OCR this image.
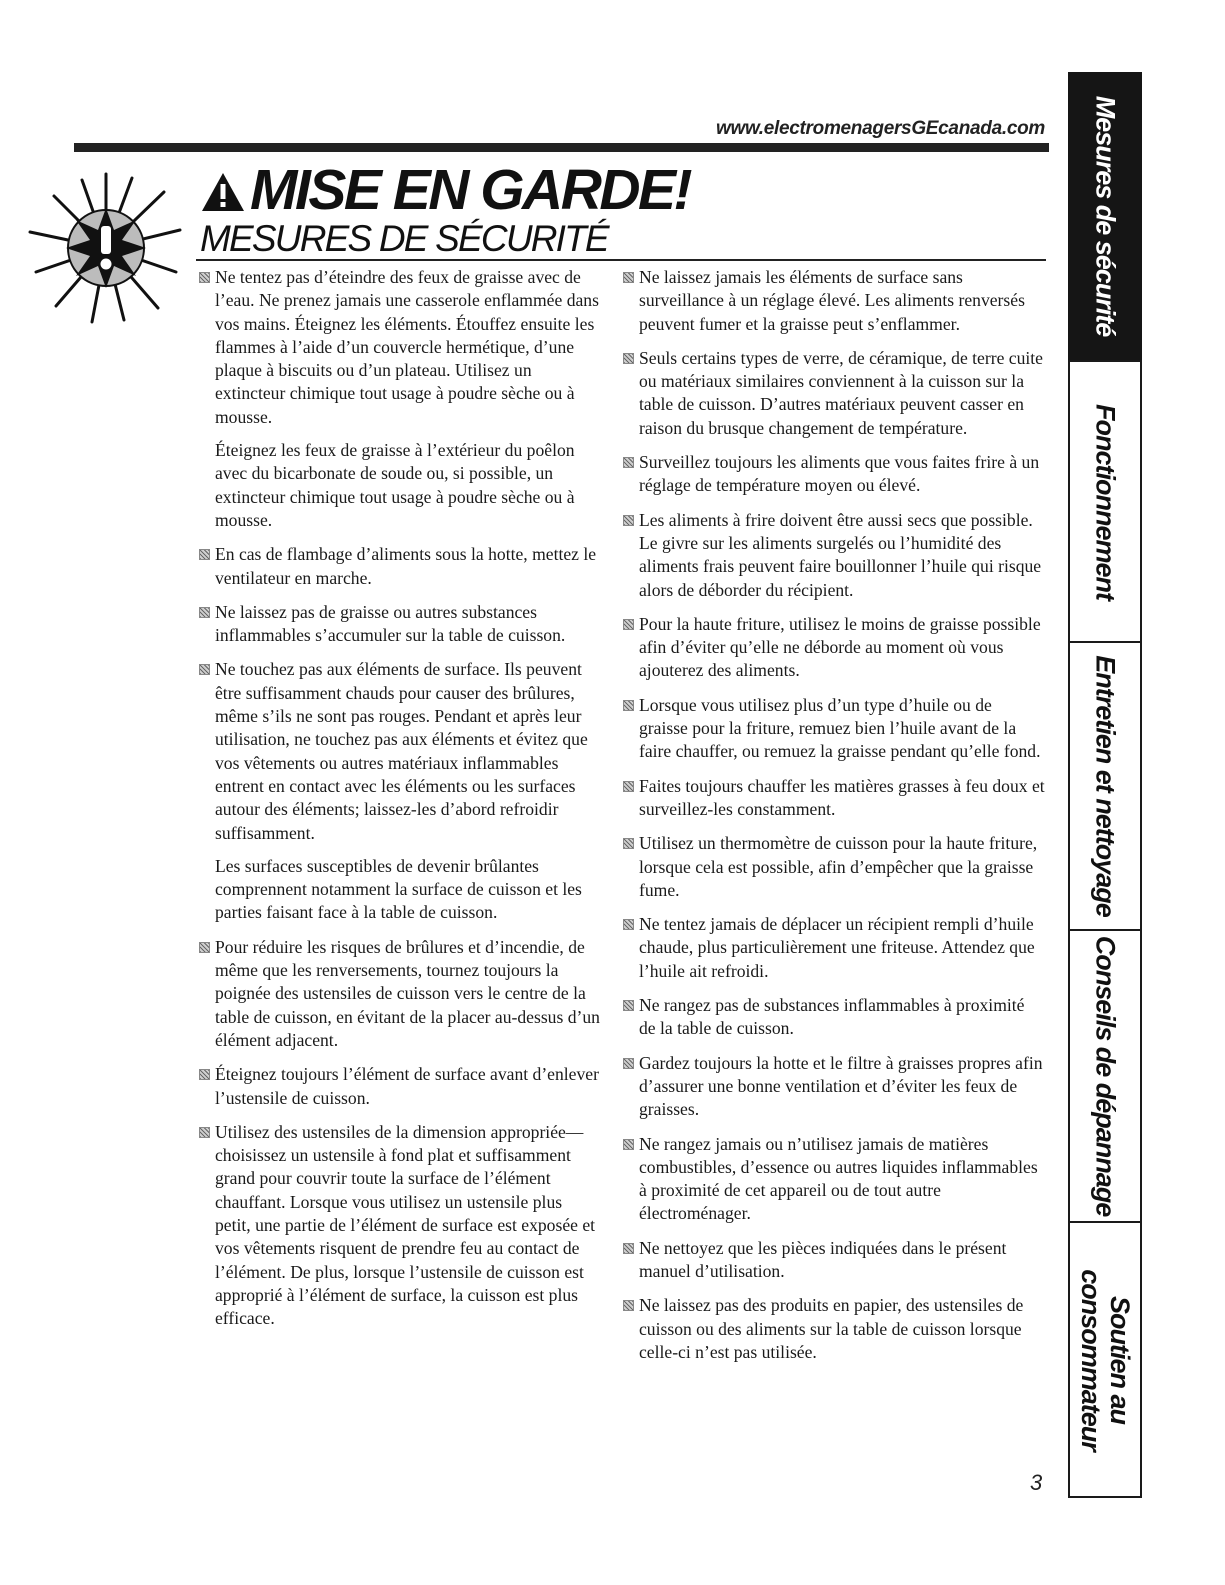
www.electromenagersGEcanada.com
MISE EN GARDE!
MESURES DE SÉCURITÉ
Ne tentez pas d’éteindre des feux de graisse avec de l’eau. Ne prenez jamais une casserole enflammée dans vos mains. Éteignez les éléments. Étouffez ensuite les flammes à l’aide d’un couvercle hermétique, d’une plaque à biscuits ou d’un plateau. Utilisez un extincteur chimique tout usage à poudre sèche ou à mousse.
Éteignez les feux de graisse à l’extérieur du poêlon avec du bicarbonate de soude ou, si possible, un extincteur chimique tout usage à poudre sèche ou à mousse.
En cas de flambage d’aliments sous la hotte, mettez le ventilateur en marche.
Ne laissez pas de graisse ou autres substances inflammables s’accumuler sur la table de cuisson.
Ne touchez pas aux éléments de surface. Ils peuvent être suffisamment chauds pour causer des brûlures, même s’ils ne sont pas rouges. Pendant et après leur utilisation, ne touchez pas aux éléments et évitez que vos vêtements ou autres matériaux inflammables entrent en contact avec les éléments ou les surfaces autour des éléments; laissez-les d’abord refroidir suffisamment.
Les surfaces susceptibles de devenir brûlantes comprennent notamment la surface de cuisson et les parties faisant face à la table de cuisson.
Pour réduire les risques de brûlures et d’incendie, de même que les renversements, tournez toujours la poignée des ustensiles de cuisson vers le centre de la table de cuisson, en évitant de la placer au-dessus d’un élément adjacent.
Éteignez toujours l’élément de surface avant d’enlever l’ustensile de cuisson.
Utilisez des ustensiles de la dimension appropriée—choisissez un ustensile à fond plat et suffisamment grand pour couvrir toute la surface de l’élément chauffant. Lorsque vous utilisez un ustensile plus petit, une partie de l’élément de surface est exposée et vos vêtements risquent de prendre feu au contact de l’élément. De plus, lorsque l’ustensile de cuisson est approprié à l’élément de surface, la cuisson est plus efficace.
Ne laissez jamais les éléments de surface sans surveillance à un réglage élevé. Les aliments renversés peuvent fumer et la graisse peut s’enflammer.
Seuls certains types de verre, de céramique, de terre cuite ou matériaux similaires conviennent à la cuisson sur la table de cuisson. D’autres matériaux peuvent casser en raison du brusque changement de température.
Surveillez toujours les aliments que vous faites frire à un réglage de température moyen ou élevé.
Les aliments à frire doivent être aussi secs que possible. Le givre sur les aliments surgelés ou l’humidité des aliments frais peuvent faire bouillonner l’huile qui risque alors de déborder du récipient.
Pour la haute friture, utilisez le moins de graisse possible afin d’éviter qu’elle ne déborde au moment où vous ajouterez des aliments.
Lorsque vous utilisez plus d’un type d’huile ou de graisse pour la friture, remuez bien l’huile avant de la faire chauffer, ou remuez la graisse pendant qu’elle fond.
Faites toujours chauffer les matières grasses à feu doux et surveillez-les constamment.
Utilisez un thermomètre de cuisson pour la haute friture, lorsque cela est possible, afin d’empêcher que la graisse fume.
Ne tentez jamais de déplacer un récipient rempli d’huile chaude, plus particulièrement une friteuse. Attendez que l’huile ait refroidi.
Ne rangez pas de substances inflammables à proximité de la table de cuisson.
Gardez toujours la hotte et le filtre à graisses propres afin d’assurer une bonne ventilation et d’éviter les feux de graisses.
Ne rangez jamais ou n’utilisez jamais de matières combustibles, d’essence ou autres liquides inflammables à proximité de cet appareil ou de tout autre électroménager.
Ne nettoyez que les pièces indiquées dans le présent manuel d’utilisation.
Ne laissez pas des produits en papier, des ustensiles de cuisson ou des aliments sur la table de cuisson lorsque celle-ci n’est pas utilisée.
3
Mesures de sécurité
Fonctionnement
Entretien et nettoyage
Conseils de dépannage
Soutien au
consommateur
